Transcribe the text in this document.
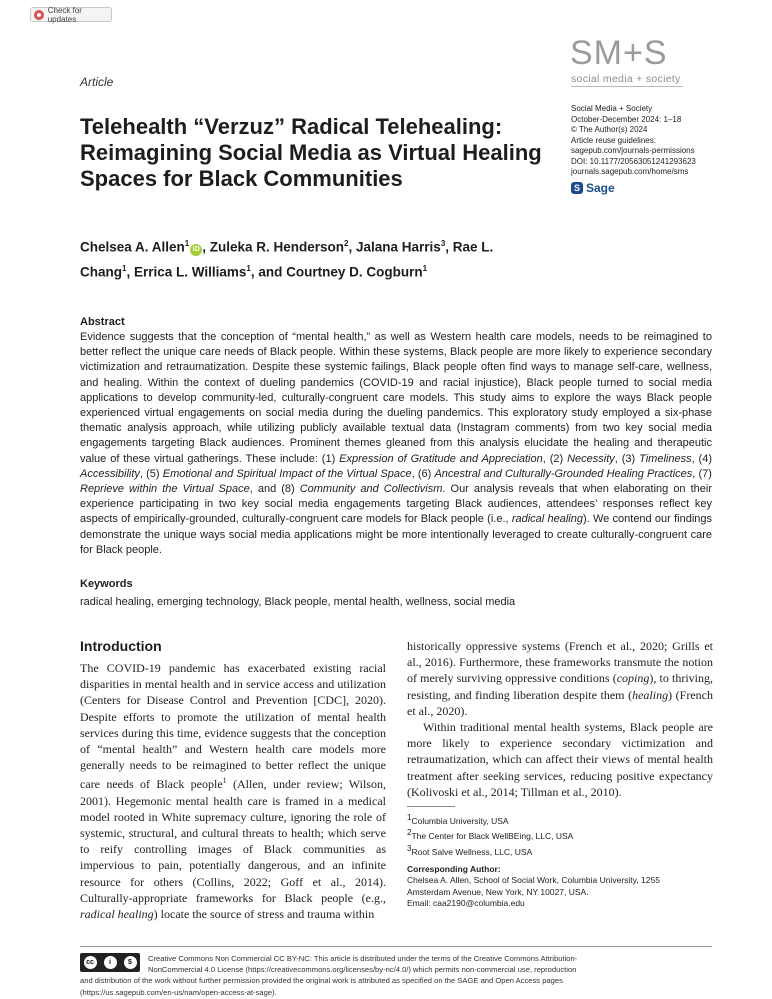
Check for updates
SM+S
social media + society
Article
Telehealth “Verzuz” Radical Telehealing: Reimagining Social Media as Virtual Healing Spaces for Black Communities
Social Media + Society
October-December 2024: 1–18
© The Author(s) 2024
Article reuse guidelines:
sagepub.com/journals-permissions
DOI: 10.1177/20563051241293623
journals.sagepub.com/home/sms
S Sage
Chelsea A. Allen$^1$iD , Zuleka R. Henderson$^2$, Jalana Harris$^3$, Rae L. Chang$^1$, Errica L. Williams$^1$, and Courtney D. Cogburn$^1$
Abstract
Evidence suggests that the conception of “mental health,” as well as Western health care models, needs to be reimagined to better reflect the unique care needs of Black people. Within these systems, Black people are more likely to experience secondary victimization and retraumatization. Despite these systemic failings, Black people often find ways to manage self-care, wellness, and healing. Within the context of dueling pandemics (COVID-19 and racial injustice), Black people turned to social media applications to develop community-led, culturally-congruent care models. This study aims to explore the ways Black people experienced virtual engagements on social media during the dueling pandemics. This exploratory study employed a six-phase thematic analysis approach, while utilizing publicly available textual data (Instagram comments) from two key social media engagements targeting Black audiences. Prominent themes gleaned from this analysis elucidate the healing and therapeutic value of these virtual gatherings. These include: (1) Expression of Gratitude and Appreciation, (2) Necessity, (3) Timeliness, (4) Accessibility, (5) Emotional and Spiritual Impact of the Virtual Space, (6) Ancestral and Culturally-Grounded Healing Practices, (7) Reprieve within the Virtual Space, and (8) Community and Collectivism. Our analysis reveals that when elaborating on their experience participating in two key social media engagements targeting Black audiences, attendees’ responses reflect key aspects of empirically-grounded, culturally-congruent care models for Black people (i.e., radical healing). We contend our findings demonstrate the unique ways social media applications might be more intentionally leveraged to create culturally-congruent care for Black people.
Keywords
radical healing, emerging technology, Black people, mental health, wellness, social media
Introduction

The COVID-19 pandemic has exacerbated existing racial disparities in mental health and in service access and utilization (Centers for Disease Control and Prevention [CDC], 2020). Despite efforts to promote the utilization of mental health services during this time, evidence suggests that the conception of “mental health” and Western health care models more generally needs to be reimagined to better reflect the unique care needs of Black people$^1$ (Allen, under review; Wilson, 2001). Hegemonic mental health care is framed in a medical model rooted in White supremacy culture, ignoring the role of systemic, structural, and cultural threats to health; which serve to reify controlling images of Black communities as impervious to pain, potentially dangerous, and an infinite resource for others (Collins, 2022; Goff et al., 2014). Culturally-appropriate frameworks for Black people (e.g., radical healing) locate the source of stress and trauma within

historically oppressive systems (French et al., 2020; Grills et al., 2016). Furthermore, these frameworks transmute the notion of merely surviving oppressive conditions (coping), to thriving, resisting, and finding liberation despite them (healing) (French et al., 2020).

Within traditional mental health systems, Black people are more likely to experience secondary victimization and retraumatization, which can affect their views of mental health treatment after seeking services, reducing positive expectancy (Kolivoski et al., 2014; Tillman et al., 2010).

$^1$Columbia University, USA
$^2$The Center for Black WellBEing, LLC, USA
$^3$Root Salve Wellness, LLC, USA
Corresponding Author:
Chelsea A. Allen, School of Social Work, Columbia University, 1255
Amsterdam Avenue, New York, NY 10027, USA.
Email: caa2190@columbia.edu
cc	i	$	Creative Commons Non Commercial CC BY-NC: This article is distributed under the terms of the Creative Commons Attribution-
NonCommercial 4.0 License (https://creativecommons.org/licenses/by-nc/4.0/) which permits non-commercial use, reproduction
and distribution of the work without further permission provided the original work is attributed as specified on the SAGE and Open Access pages
(https://us.sagepub.com/en-us/nam/open-access-at-sage).
